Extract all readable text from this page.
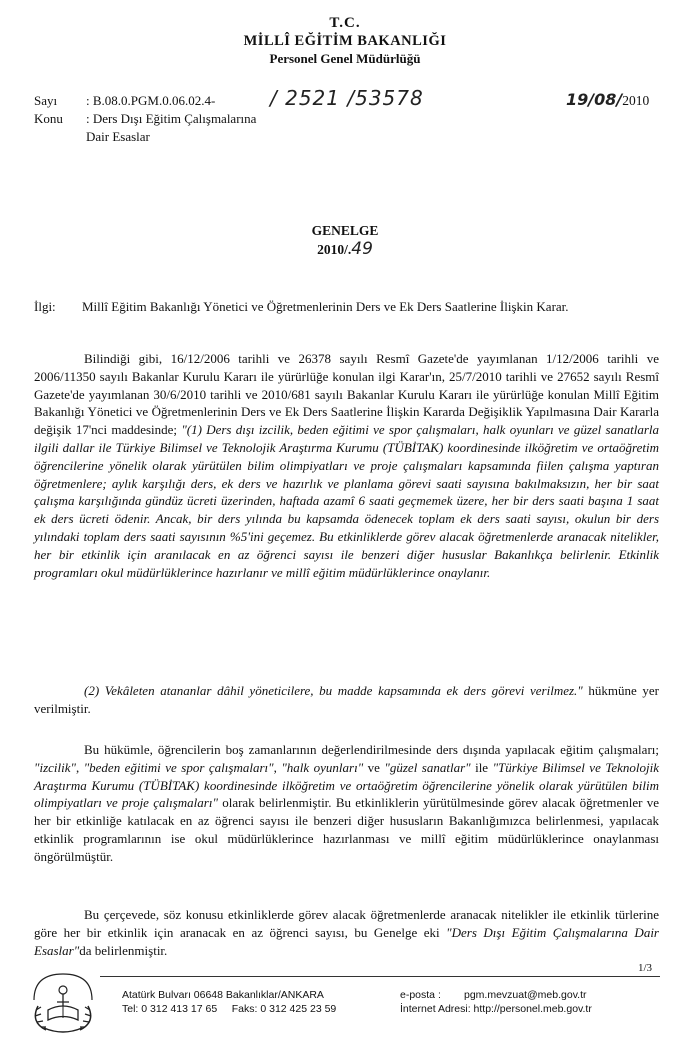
T.C.
MİLLÎ EĞİTİM BAKANLIĞI
Personel Genel Müdürlüğü
Sayı	: B.08.0.PGM.0.06.02.4-
Konu	: Ders Dışı Eğitim Çalışmalarına
Dair Esaslar
/ 2521 /53578	19/08/2010
GENELGE
2010/.49
İlgi:	Millî Eğitim Bakanlığı Yönetici ve Öğretmenlerinin Ders ve Ek Ders Saatlerine İlişkin Karar.

Bilindiği gibi, 16/12/2006 tarihli ve 26378 sayılı Resmî Gazete'de yayımlanan 1/12/2006 tarihli ve 2006/11350 sayılı Bakanlar Kurulu Kararı ile yürürlüğe konulan ilgi Karar'ın, 25/7/2010 tarihli ve 27652 sayılı Resmî Gazete'de yayımlanan 30/6/2010 tarihli ve 2010/681 sayılı Bakanlar Kurulu Kararı ile yürürlüğe konulan Millî Eğitim Bakanlığı Yönetici ve Öğretmenlerinin Ders ve Ek Ders Saatlerine İlişkin Kararda Değişiklik Yapılmasına Dair Kararla değişik 17'nci maddesinde; "(1) Ders dışı izcilik, beden eğitimi ve spor çalışmaları, halk oyunları ve güzel sanatlarla ilgili dallar ile Türkiye Bilimsel ve Teknolojik Araştırma Kurumu (TÜBİTAK) koordinesinde ilköğretim ve ortaöğretim öğrencilerine yönelik olarak yürütülen bilim olimpiyatları ve proje çalışmaları kapsamında fiilen çalışma yaptıran öğretmenlere; aylık karşılığı ders, ek ders ve hazırlık ve planlama görevi saati sayısına bakılmaksızın, her bir saat çalışma karşılığında gündüz ücreti üzerinden, haftada azamî 6 saati geçmemek üzere, her bir ders saati başına 1 saat ek ders ücreti ödenir. Ancak, bir ders yılında bu kapsamda ödenecek toplam ek ders saati sayısı, okulun bir ders yılındaki toplam ders saati sayısının %5'ini geçemez. Bu etkinliklerde görev alacak öğretmenlerde aranacak nitelikler, her bir etkinlik için aranılacak en az öğrenci sayısı ile benzeri diğer hususlar Bakanlıkça belirlenir. Etkinlik programları okul müdürlüklerince hazırlanır ve millî eğitim müdürlüklerince onaylanır.

(2) Vekâleten atananlar dâhil yöneticilere, bu madde kapsamında ek ders görevi verilmez." hükmüne yer verilmiştir.

Bu hükümle, öğrencilerin boş zamanlarının değerlendirilmesinde ders dışında yapılacak eğitim çalışmaları; "izcilik", "beden eğitimi ve spor çalışmaları", "halk oyunları" ve "güzel sanatlar" ile "Türkiye Bilimsel ve Teknolojik Araştırma Kurumu (TÜBİTAK) koordinesinde ilköğretim ve ortaöğretim öğrencilerine yönelik olarak yürütülen bilim olimpiyatları ve proje çalışmaları" olarak belirlenmiştir. Bu etkinliklerin yürütülmesinde görev alacak öğretmenler ve her bir etkinliğe katılacak en az öğrenci sayısı ile benzeri diğer hususların Bakanlığımızca belirlenmesi, yapılacak etkinlik programlarının ise okul müdürlüklerince hazırlanması ve millî eğitim müdürlüklerince onaylanması öngörülmüştür.

Bu çerçevede, söz konusu etkinliklerde görev alacak öğretmenlerde aranacak nitelikler ile etkinlik türlerine göre her bir etkinlik için aranacak en az öğrenci sayısı, bu Genelge eki "Ders Dışı Eğitim Çalışmalarına Dair Esaslar"da belirlenmiştir.

1/3
Atatürk Bulvarı 06648 Bakanlıklar/ANKARA
Tel: 0 312 413 17 65 Faks: 0 312 425 23 59
e-posta : pgm.mevzuat@meb.gov.tr
İnternet Adresi: http://personel.meb.gov.tr
